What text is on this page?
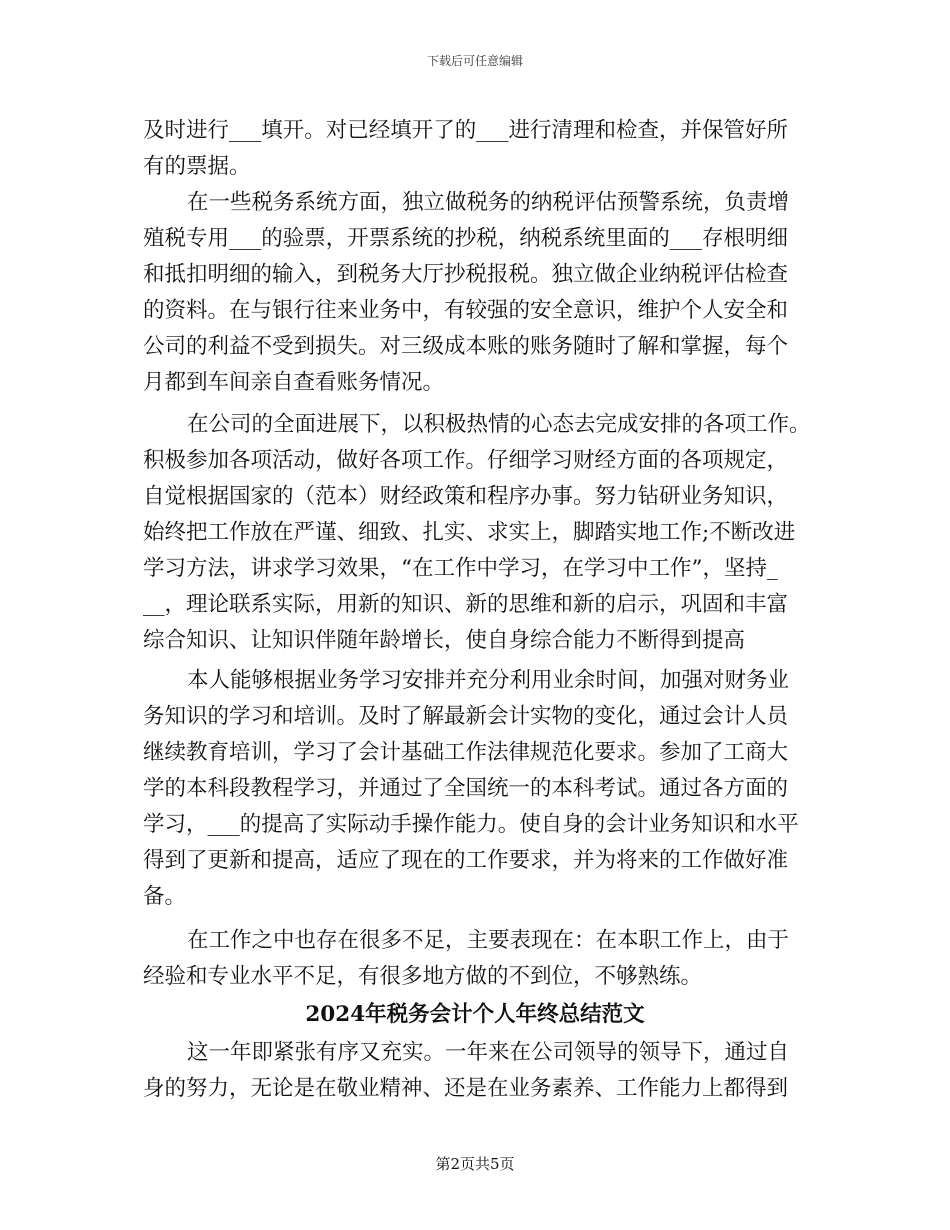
下载后可任意编辑
及时进行___填开。对已经填开了的___进行清理和检查，并保管好所
有的票据。
在一些税务系统方面，独立做税务的纳税评估预警系统，负责增
殖税专用___的验票，开票系统的抄税，纳税系统里面的___存根明细
和抵扣明细的输入，到税务大厅抄税报税。独立做企业纳税评估检查
的资料。在与银行往来业务中，有较强的安全意识，维护个人安全和
公司的利益不受到损失。对三级成本账的账务随时了解和掌握，每个
月都到车间亲自查看账务情况。
在公司的全面进展下，以积极热情的心态去完成安排的各项工作。
积极参加各项活动，做好各项工作。仔细学习财经方面的各项规定，
自觉根据国家的（范本）财经政策和程序办事。努力钻研业务知识，
始终把工作放在严谨、细致、扎实、求实上，脚踏实地工作;不断改进
学习方法，讲求学习效果，“在工作中学习，在学习中工作”，坚持_
__，理论联系实际，用新的知识、新的思维和新的启示，巩固和丰富
综合知识、让知识伴随年龄增长，使自身综合能力不断得到提高
本人能够根据业务学习安排并充分利用业余时间，加强对财务业
务知识的学习和培训。及时了解最新会计实物的变化，通过会计人员
继续教育培训，学习了会计基础工作法律规范化要求。参加了工商大
学的本科段教程学习，并通过了全国统一的本科考试。通过各方面的
学习，___的提高了实际动手操作能力。使自身的会计业务知识和水平
得到了更新和提高，适应了现在的工作要求，并为将来的工作做好准
备。
在工作之中也存在很多不足，主要表现在：在本职工作上，由于
经验和专业水平不足，有很多地方做的不到位，不够熟练。
2024年税务会计个人年终总结范文
这一年即紧张有序又充实。一年来在公司领导的领导下，通过自
身的努力，无论是在敬业精神、还是在业务素养、工作能力上都得到
第2页共5页
